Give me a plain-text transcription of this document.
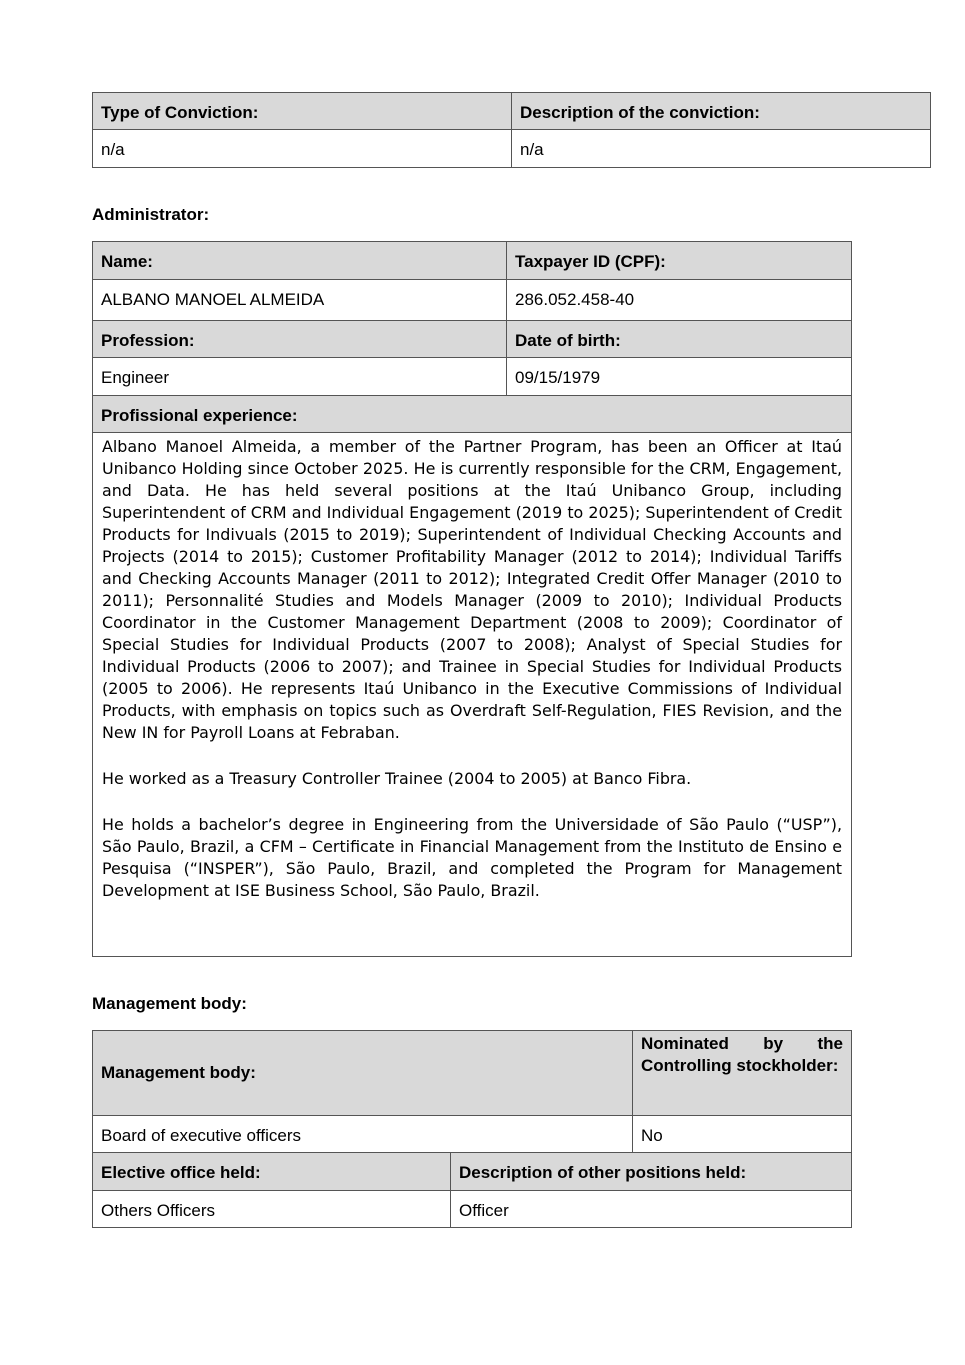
Type of Conviction:	Description of the conviction:
n/a	n/a
Administrator:
Name:	Taxpayer ID (CPF):
ALBANO MANOEL ALMEIDA	286.052.458-40
Profession:	Date of birth:
Engineer	09/15/1979
Profissional experience:	

Albano Manoel Almeida, a member of the Partner Program, has been an Officer at Itaú Unibanco Holding since October 2025. He is currently responsible for the CRM, Engagement, and Data. He has held several positions at the Itaú Unibanco Group, including Superintendent of CRM and Individual Engagement (2019 to 2025); Superintendent of Credit Products for Indivuals (2015 to 2019); Superintendent of Individual Checking Accounts and Projects (2014 to 2015); Customer Profitability Manager (2012 to 2014); Individual Tariffs and Checking Accounts Manager (2011 to 2012); Integrated Credit Offer Manager (2010 to 2011); Personnalité Studies and Models Manager (2009 to 2010); Individual Products Coordinator in the Customer Management Department (2008 to 2009); Coordinator of Special Studies for Individual Products (2007 to 2008); Analyst of Special Studies for Individual Products (2006 to 2007); and Trainee in Special Studies for Individual Products (2005 to 2006). He represents Itaú Unibanco in the Executive Commissions of Individual Products, with emphasis on topics such as Overdraft Self-Regulation, FIES Revision, and the New IN for Payroll Loans at Febraban.

He worked as a Treasury Controller Trainee (2004 to 2005) at Banco Fibra.

He holds a bachelor’s degree in Engineering from the Universidade of São Paulo (“USP”), São Paulo, Brazil, a CFM – Certificate in Financial Management from the Instituto de Ensino e Pesquisa (“INSPER”), São Paulo, Brazil, and completed the Program for Management Development at ISE Business School, São Paulo, Brazil.	

Management body:
Management body:		Nominated by the Controlling stockholder:
Board of executive officers		No
Elective office held:	Description of other positions held:	
Others Officers	Officer	
